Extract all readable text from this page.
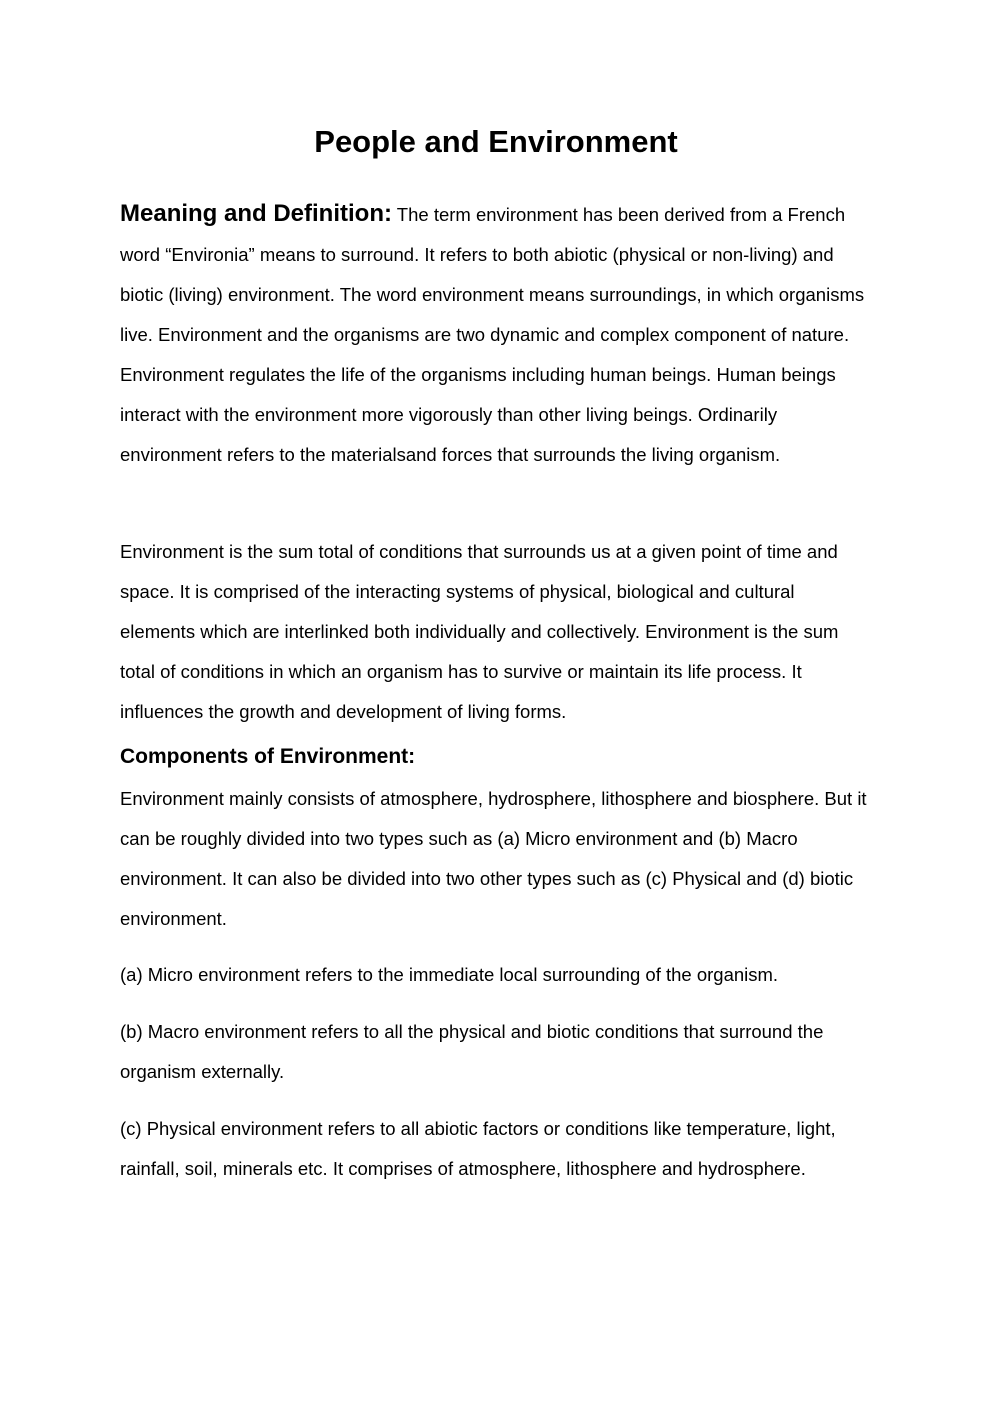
People and Environment

Meaning and Definition: The term environment has been derived from a French word “Environia” means to surround. It refers to both abiotic (physical or non-living) and biotic (living) environment. The word environment means surroundings, in which organisms live. Environment and the organisms are two dynamic and complex component of nature. Environment regulates the life of the organisms including human beings. Human beings interact with the environment more vigorously than other living beings. Ordinarily environment refers to the materialsand forces that surrounds the living organism.

Environment is the sum total of conditions that surrounds us at a given point of time and space. It is comprised of the interacting systems of physical, biological and cultural elements which are interlinked both individually and collectively. Environment is the sum total of conditions in which an organism has to survive or maintain its life process. It influences the growth and development of living forms.

Components of Environment:

Environment mainly consists of atmosphere, hydrosphere, lithosphere and biosphere. But it can be roughly divided into two types such as (a) Micro environment and (b) Macro environment. It can also be divided into two other types such as (c) Physical and (d) biotic environment.

(a) Micro environment refers to the immediate local surrounding of the organism.

(b) Macro environment refers to all the physical and biotic conditions that surround the organism externally.

(c) Physical environment refers to all abiotic factors or conditions like temperature, light, rainfall, soil, minerals etc. It comprises of atmosphere, lithosphere and hydrosphere.
